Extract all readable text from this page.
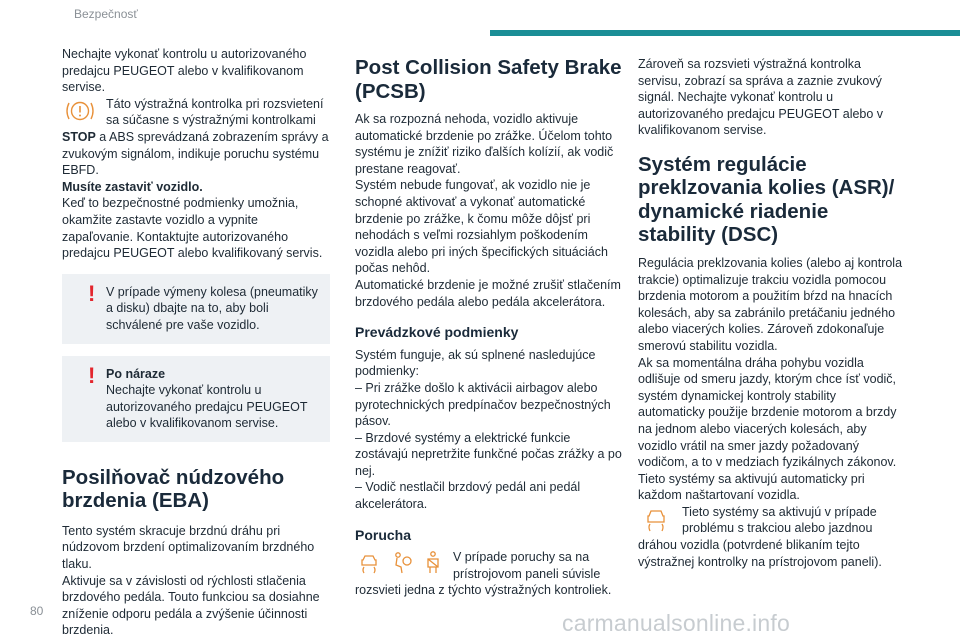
Bezpečnosť

Nechajte vykonať kontrolu u autorizovaného predajcu PEUGEOT alebo v kvalifikovanom servise.

Táto výstražná kontrolka pri rozsvietení sa súčasne s výstražnými kontrolkami STOP a ABS sprevádzaná zobrazením správy a zvukovým signálom, indikuje poruchu systému EBFD.

Musíte zastaviť vozidlo.

Keď to bezpečnostné podmienky umožnia, okamžite zastavte vozidlo a vypnite zapaľovanie. Kontaktujte autorizovaného predajcu PEUGEOT alebo kvalifikovaný servis.

! V prípade výmeny kolesa (pneumatiky a disku) dbajte na to, aby boli schválené pre vaše vozidlo.

! Po náraze

Nechajte vykonať kontrolu u autorizovaného predajcu PEUGEOT alebo v kvalifikovanom servise.

Posilňovač núdzového brzdenia (EBA)

Tento systém skracuje brzdnú dráhu pri núdzovom brzdení optimalizovaním brzdného tlaku.
Aktivuje sa v závislosti od rýchlosti stlačenia brzdového pedála. Touto funkciou sa dosiahne zníženie odporu pedála a zvýšenie účinnosti brzdenia.

Post Collision Safety Brake (PCSB)

Ak sa rozpozná nehoda, vozidlo aktivuje automatické brzdenie po zrážke. Účelom tohto systému je znížiť riziko ďalších kolízií, ak vodič prestane reagovať.
Systém nebude fungovať, ak vozidlo nie je schopné aktivovať a vykonať automatické brzdenie po zrážke, k čomu môže dôjsť pri nehodách s veľmi rozsiahlym poškodením vozidla alebo pri iných špecifických situáciách počas nehôd.
Automatické brzdenie je možné zrušiť stlačením brzdového pedála alebo pedála akcelerátora.

Prevádzkové podmienky

Systém funguje, ak sú splnené nasledujúce podmienky:
– Pri zrážke došlo k aktivácii airbagov alebo pyrotechnických predpínačov bezpečnostných pásov.
– Brzdové systémy a elektrické funkcie zostávajú nepretržite funkčné počas zrážky a po nej.
– Vodič nestlačil brzdový pedál ani pedál akcelerátora.

Porucha
V prípade poruchy sa na prístrojovom paneli súvisle rozsvieti jedna z týchto výstražných kontroliek.

Zároveň sa rozsvieti výstražná kontrolka servisu, zobrazí sa správa a zaznie zvukový signál. Nechajte vykonať kontrolu u autorizovaného predajcu PEUGEOT alebo v kvalifikovanom servise.

Systém regulácie preklzovania kolies (ASR)/ dynamické riadenie stability (DSC)

Regulácia preklzovania kolies (alebo aj kontrola trakcie) optimalizuje trakciu vozidla pomocou brzdenia motorom a použitím bŕzd na hnacích kolesách, aby sa zabránilo pretáčaniu jedného alebo viacerých kolies. Zároveň zdokonaľuje smerovú stabilitu vozidla.
Ak sa momentálna dráha pohybu vozidla odlišuje od smeru jazdy, ktorým chce ísť vodič, systém dynamickej kontroly stability automaticky použije brzdenie motorom a brzdy na jednom alebo viacerých kolesách, aby vozidlo vrátil na smer jazdy požadovaný vodičom, a to v medziach fyzikálnych zákonov.
Tieto systémy sa aktivujú automaticky pri každom naštartovaní vozidla.

Tieto systémy sa aktivujú v prípade problému s trakciou alebo jazdnou dráhou vozidla (potvrdené blikaním tejto výstražnej kontrolky na prístrojovom paneli).
80	carmanualsonline.info
